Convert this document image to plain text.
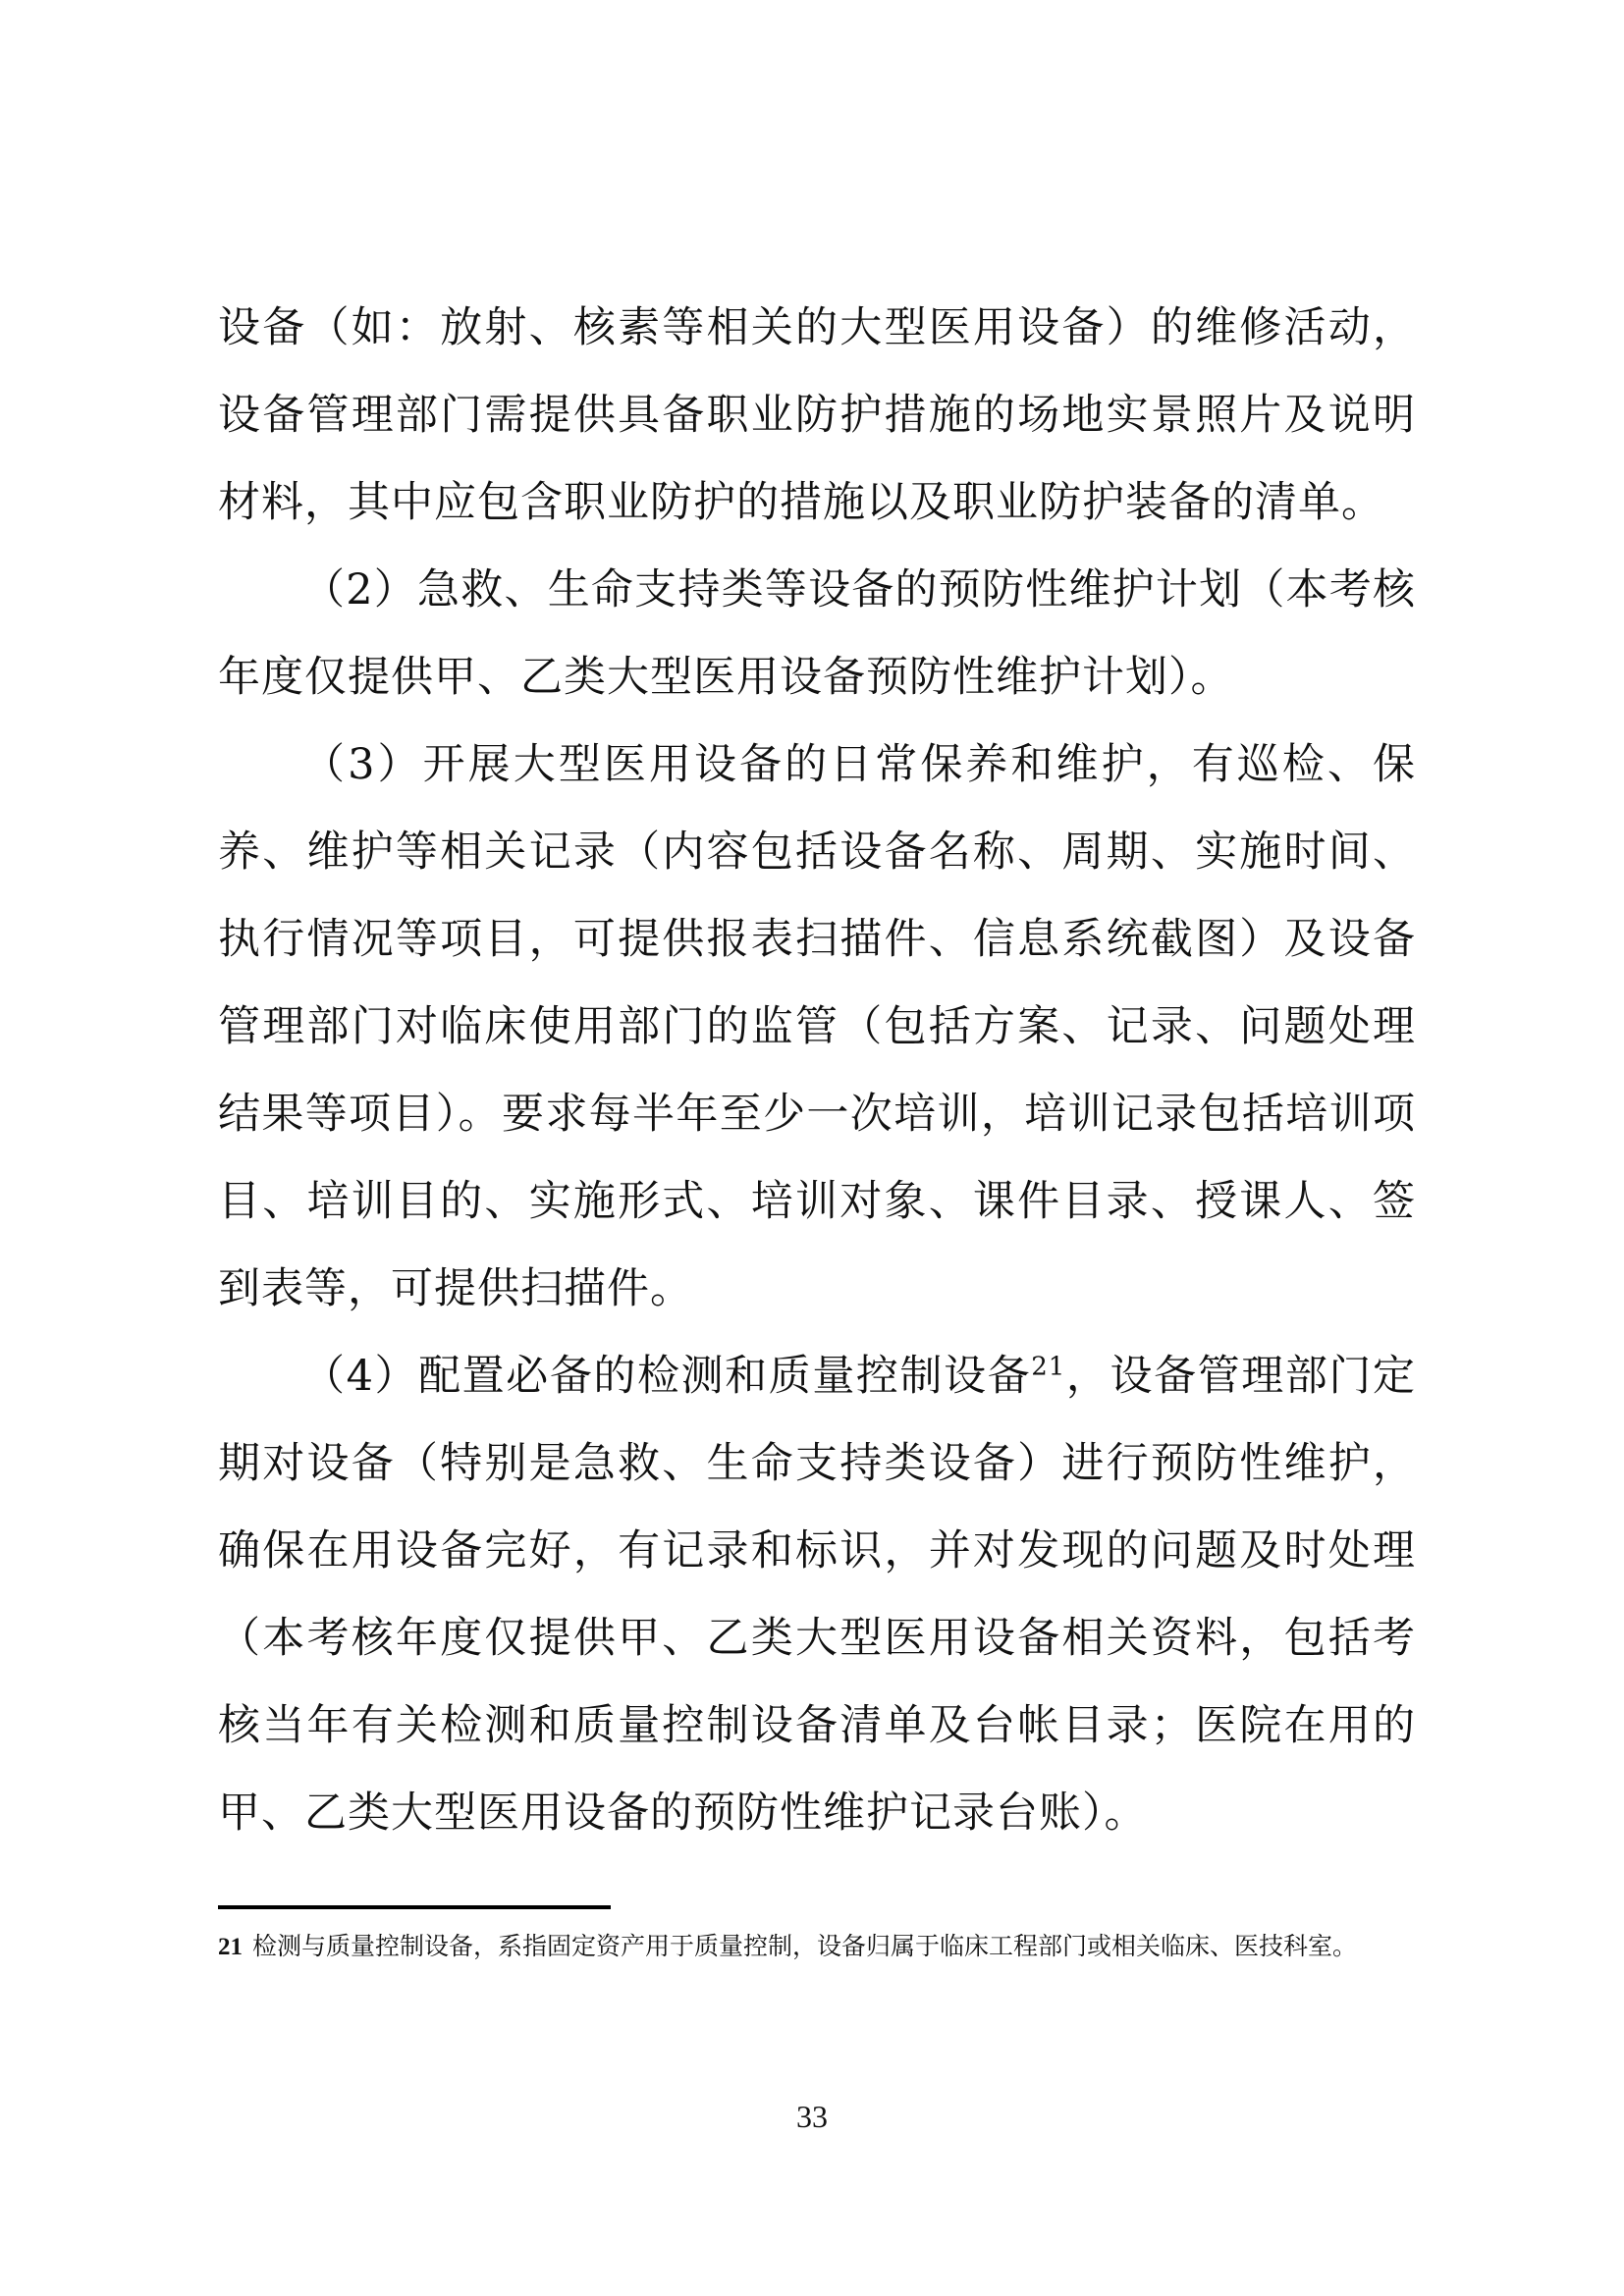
设备（如：放射、核素等相关的大型医用设备）的维修活动，设备管理部门需提供具备职业防护措施的场地实景照片及说明材料，其中应包含职业防护的措施以及职业防护装备的清单。

（2）急救、生命支持类等设备的预防性维护计划（本考核年度仅提供甲、乙类大型医用设备预防性维护计划）。

（3）开展大型医用设备的日常保养和维护，有巡检、保养、维护等相关记录（内容包括设备名称、周期、实施时间、执行情况等项目，可提供报表扫描件、信息系统截图）及设备管理部门对临床使用部门的监管（包括方案、记录、问题处理结果等项目）。要求每半年至少一次培训，培训记录包括培训项目、培训目的、实施形式、培训对象、课件目录、授课人、签到表等，可提供扫描件。

（4）配置必备的检测和质量控制设备$^{21}$，设备管理部门定期对设备（特别是急救、生命支持类设备）进行预防性维护，确保在用设备完好，有记录和标识，并对发现的问题及时处理（本考核年度仅提供甲、乙类大型医用设备相关资料，包括考核当年有关检测和质量控制设备清单及台帐目录；医院在用的甲、乙类大型医用设备的预防性维护记录台账）。

21 检测与质量控制设备，系指固定资产用于质量控制，设备归属于临床工程部门或相关临床、医技科室。
33
